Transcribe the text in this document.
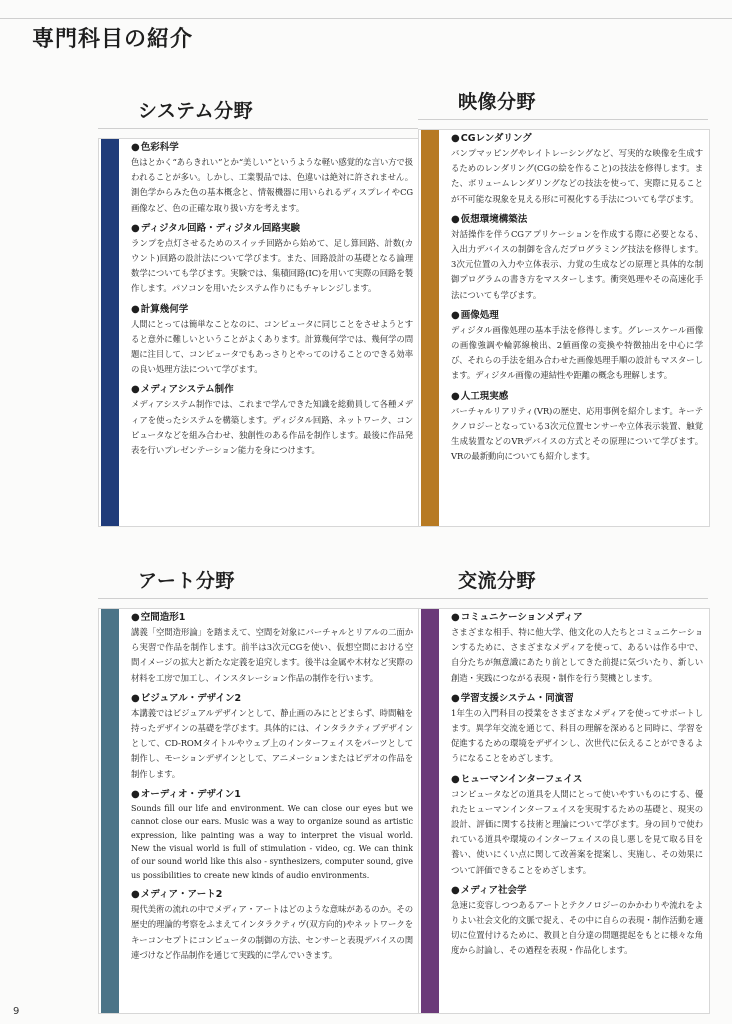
専門科目の紹介
システム分野

●色彩科学

色はとかく“あらきれい”とか“美しい”というような軽い感覚的な言い方で扱われることが多い。しかし、工業製品では、色違いは絶対に許されません。測色学からみた色の基本概念と、情報機器に用いられるディスプレイやCG画像など、色の正確な取り扱い方を考えます。

●ディジタル回路・ディジタル回路実験

ランプを点灯させるためのスイッチ回路から始めて、足し算回路、計数(カウント)回路の設計法について学びます。また、回路設計の基礎となる論理数学についても学びます。実験では、集積回路(IC)を用いて実際の回路を製作します。パソコンを用いたシステム作りにもチャレンジします。

●計算幾何学

人間にとっては簡単なことなのに、コンピュータに同じことをさせようとすると意外に難しいということがよくあります。計算幾何学では、幾何学の問題に注目して、コンピュータでもあっさりとやってのけることのできる効率の良い処理方法について学びます。

●メディアシステム制作

メディアシステム制作では、これまで学んできた知識を総動員して各種メディアを使ったシステムを構築します。ディジタル回路、ネットワーク、コンピュータなどを組み合わせ、独創性のある作品を制作します。最後に作品発表を行いプレゼンテーション能力を身につけます。

映像分野

●CGレンダリング

バンプマッピングやレイトレーシングなど、写実的な映像を生成するためのレンダリング(CGの絵を作ること)の技法を修得します。また、ボリュームレンダリングなどの技法を使って、実際に見ることが不可能な現象を見える形に可視化する手法についても学びます。

●仮想環境構築法

対話操作を伴うCGアプリケーションを作成する際に必要となる、入出力デバイスの制御を含んだプログラミング技法を修得します。3次元位置の入力や立体表示、力覚の生成などの原理と具体的な制御プログラムの書き方をマスターします。衝突処理やその高速化手法についても学びます。

●画像処理

ディジタル画像処理の基本手法を修得します。グレースケール画像の画像強調や輪郭線検出、2値画像の変換や特徴抽出を中心に学び、それらの手法を組み合わせた画像処理手順の設計もマスターします。ディジタル画像の連結性や距離の概念も理解します。

●人工現実感

バーチャルリアリティ(VR)の歴史、応用事例を紹介します。キーテクノロジーとなっている3次元位置センサーや立体表示装置、触覚生成装置などのVRデバイスの方式とその原理について学びます。VRの最新動向についても紹介します。

アート分野

●空間造形1

講義「空間造形論」を踏まえて、空間を対象にバーチャルとリアルの二面から実習で作品を制作します。前半は3次元CGを使い、仮想空間における空間イメージの拡大と新たな定義を追究します。後半は金属や木材など実際の材料を工房で加工し、インスタレーション作品の制作を行います。

●ビジュアル・デザイン2

本講義ではビジュアルデザインとして、静止画のみにとどまらず、時間軸を持ったデザインの基礎を学びます。具体的には、インタラクティブデザインとして、CD-ROMタイトルやウェブ上のインターフェイスをパーツとして制作し、モーションデザインとして、アニメーションまたはビデオの作品を制作します。

●オーディオ・デザイン1

Sounds fill our life and environment. We can close our eyes but we cannot close our ears. Music was a way to organize sound as artistic expression, like painting was a way to interpret the visual world. New the visual world is full of stimulation - video, cg. We can think of our sound world like this also - synthesizers, computer sound, give us possibilities to create new kinds of audio environments.

●メディア・アート2

現代美術の流れの中でメディア・アートはどのような意味があるのか。その歴史的理論的考察をふまえてインタラクティヴ(双方向的)やネットワークをキーコンセプトにコンピュータの制御の方法、センサーと表現デバイスの関連づけなど作品制作を通じて実践的に学んでいきます。

交流分野

●コミュニケーションメディア

さまざまな相手、特に他大学、他文化の人たちとコミュニケーションするために、さまざまなメディアを使って、あるいは作る中で、自分たちが無意識にあたり前としてきた前提に気づいたり、新しい創造・実践につながる表現・制作を行う契機とします。

●学習支援システム・同演習

1年生の入門科目の授業をさまざまなメディアを使ってサポートします。異学年交流を通じて、科目の理解を深めると同時に、学習を促進するための環境をデザインし、次世代に伝えることができるようになることをめざします。

●ヒューマンインターフェイス

コンピュータなどの道具を人間にとって使いやすいものにする、優れたヒューマンインターフェイスを実現するための基礎と、現実の設計、評価に関する技術と理論について学びます。身の回りで使われている道具や環境のインターフェイスの良し悪しを見て取る目を養い、使いにくい点に関して改善案を提案し、実施し、その効果について評価できることをめざします。

●メディア社会学

急速に変容しつつあるアートとテクノロジーのかかわりや流れをよりよい社会文化的文脈で捉え、その中に自らの表現・制作活動を適切に位置付けるために、教員と自分達の問題提起をもとに様々な角度から討論し、その過程を表現・作品化します。

9
